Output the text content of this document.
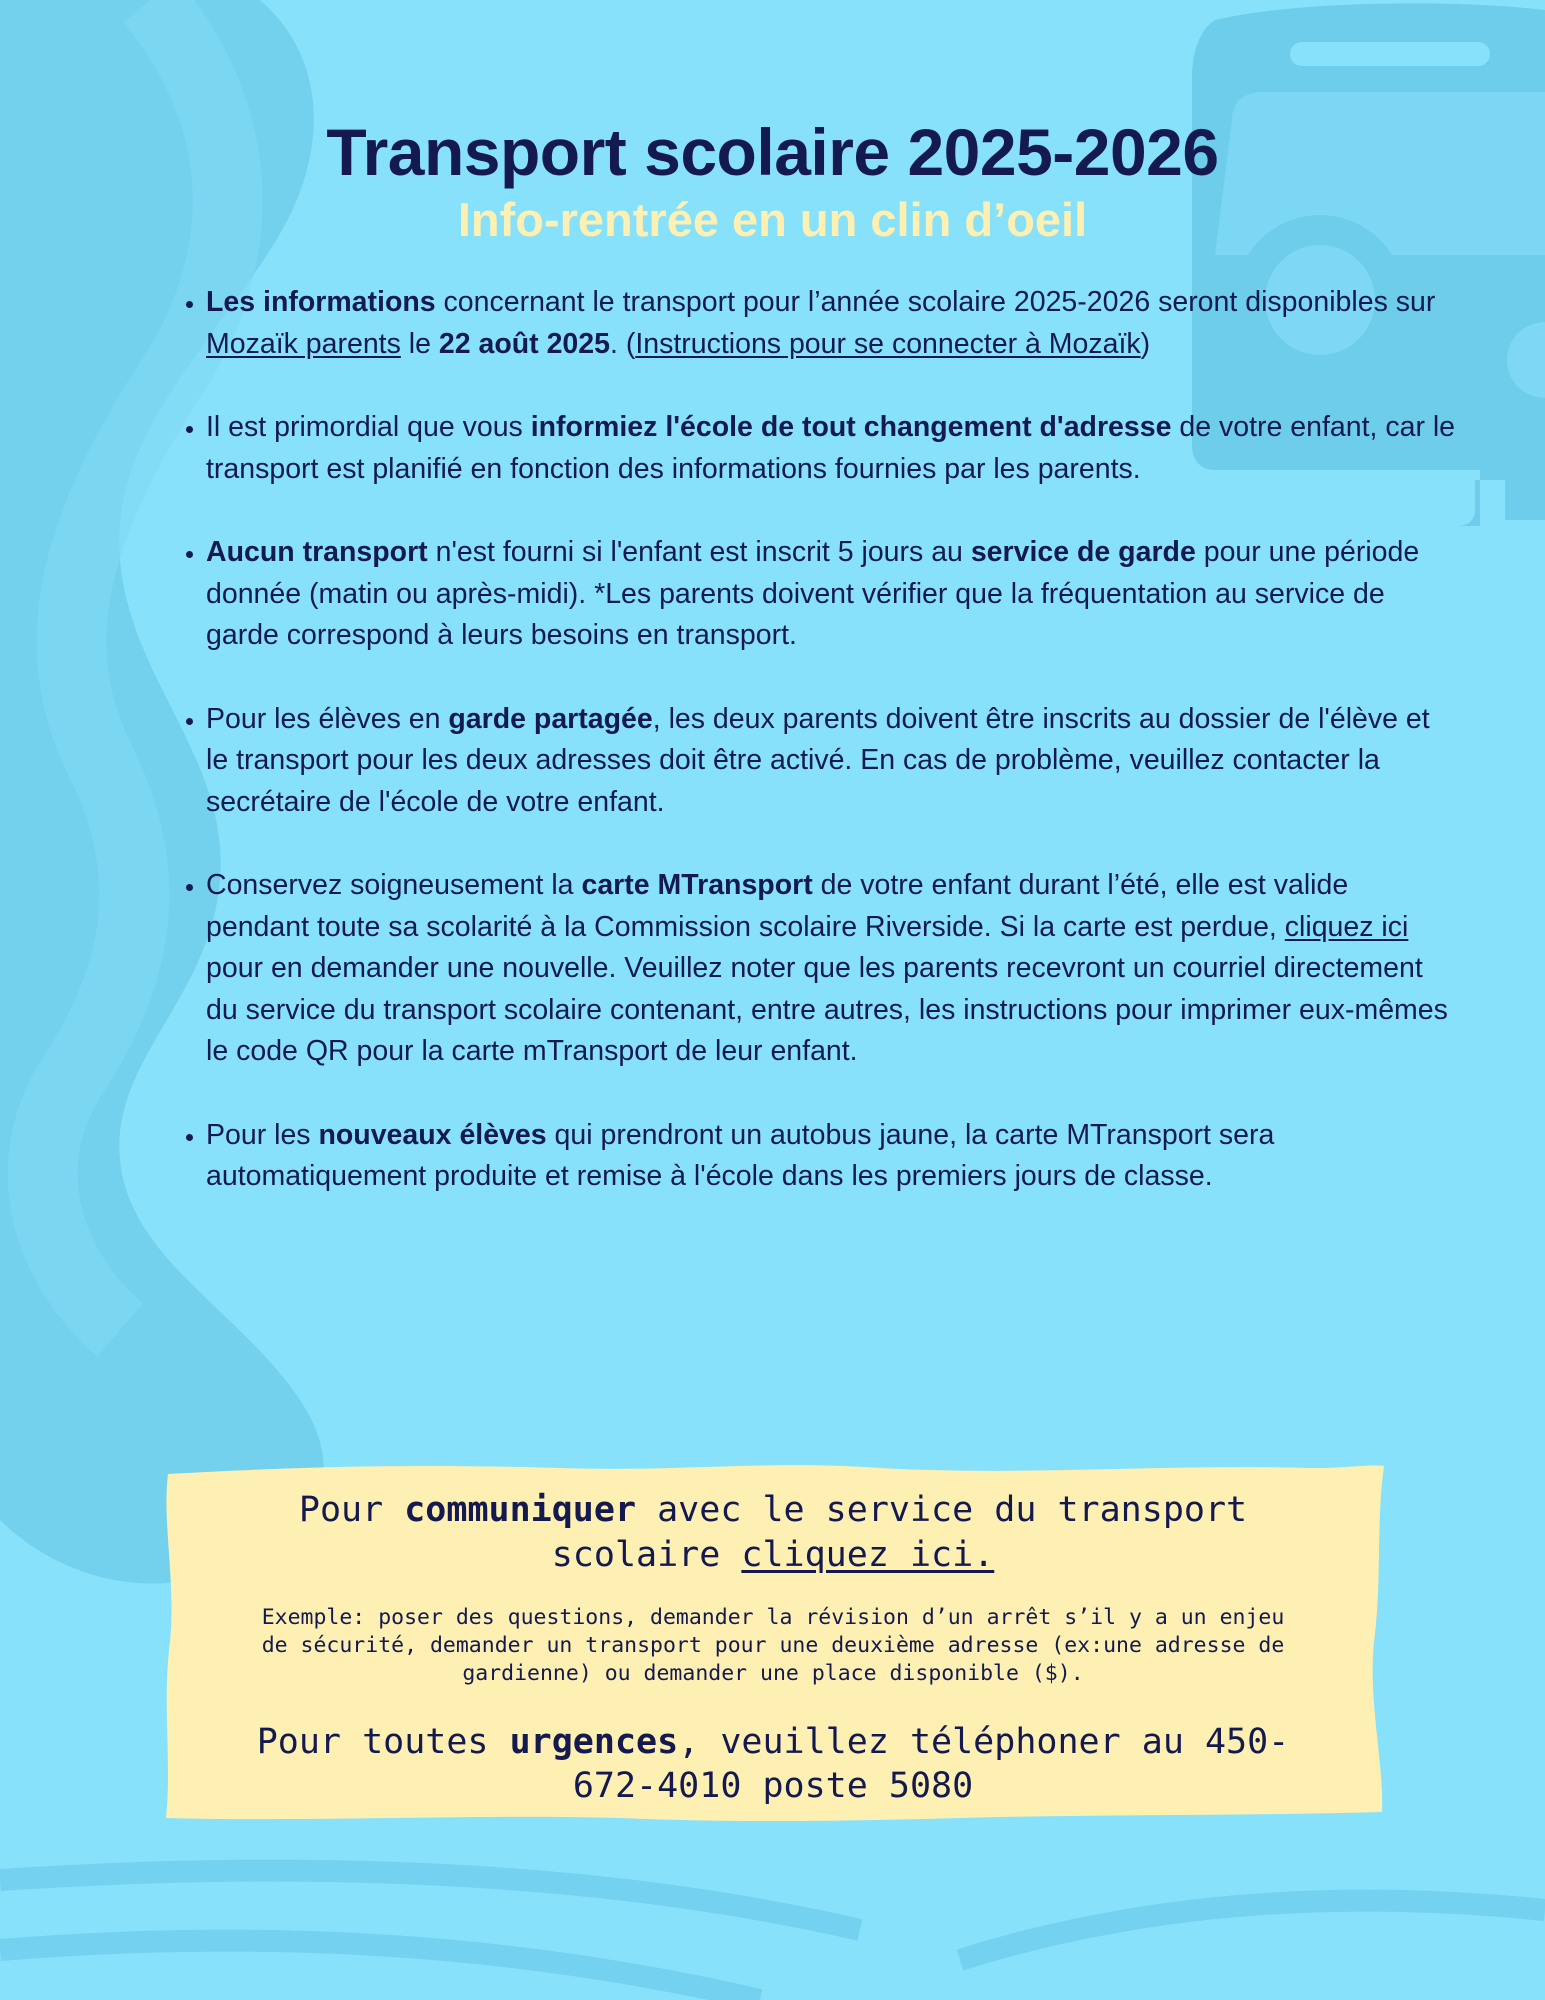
Transport scolaire 2025-2026
Info-rentrée en un clin d’oeil
• Les informations concernant le transport pour l’année scolaire 2025-2026 seront disponibles sur Mozaïk parents le 22 août 2025. (Instructions pour se connecter à Mozaïk)
• Il est primordial que vous informiez l'école de tout changement d'adresse de votre enfant, car le transport est planifié en fonction des informations fournies par les parents.
• Aucun transport n'est fourni si l'enfant est inscrit 5 jours au service de garde pour une période donnée (matin ou après-midi). *Les parents doivent vérifier que la fréquentation au service de garde correspond à leurs besoins en transport.
• Pour les élèves en garde partagée, les deux parents doivent être inscrits au dossier de l'élève et le transport pour les deux adresses doit être activé. En cas de problème, veuillez contacter la secrétaire de l'école de votre enfant.
• Conservez soigneusement la carte MTransport de votre enfant durant l’été, elle est valide pendant toute sa scolarité à la Commission scolaire Riverside. Si la carte est perdue, cliquez ici pour en demander une nouvelle. Veuillez noter que les parents recevront un courriel directement du service du transport scolaire contenant, entre autres, les instructions pour imprimer eux-mêmes le code QR pour la carte mTransport de leur enfant.
• Pour les nouveaux élèves qui prendront un autobus jaune, la carte MTransport sera automatiquement produite et remise à l'école dans les premiers jours de classe.

Pour communiquer avec le service du transport scolaire cliquez ici.

Exemple: poser des questions, demander la révision d’un arrêt s’il y a un enjeu de sécurité, demander un transport pour une deuxième adresse (ex:une adresse de gardienne) ou demander une place disponible ($).

Pour toutes urgences, veuillez téléphoner au 450-672-4010 poste 5080
